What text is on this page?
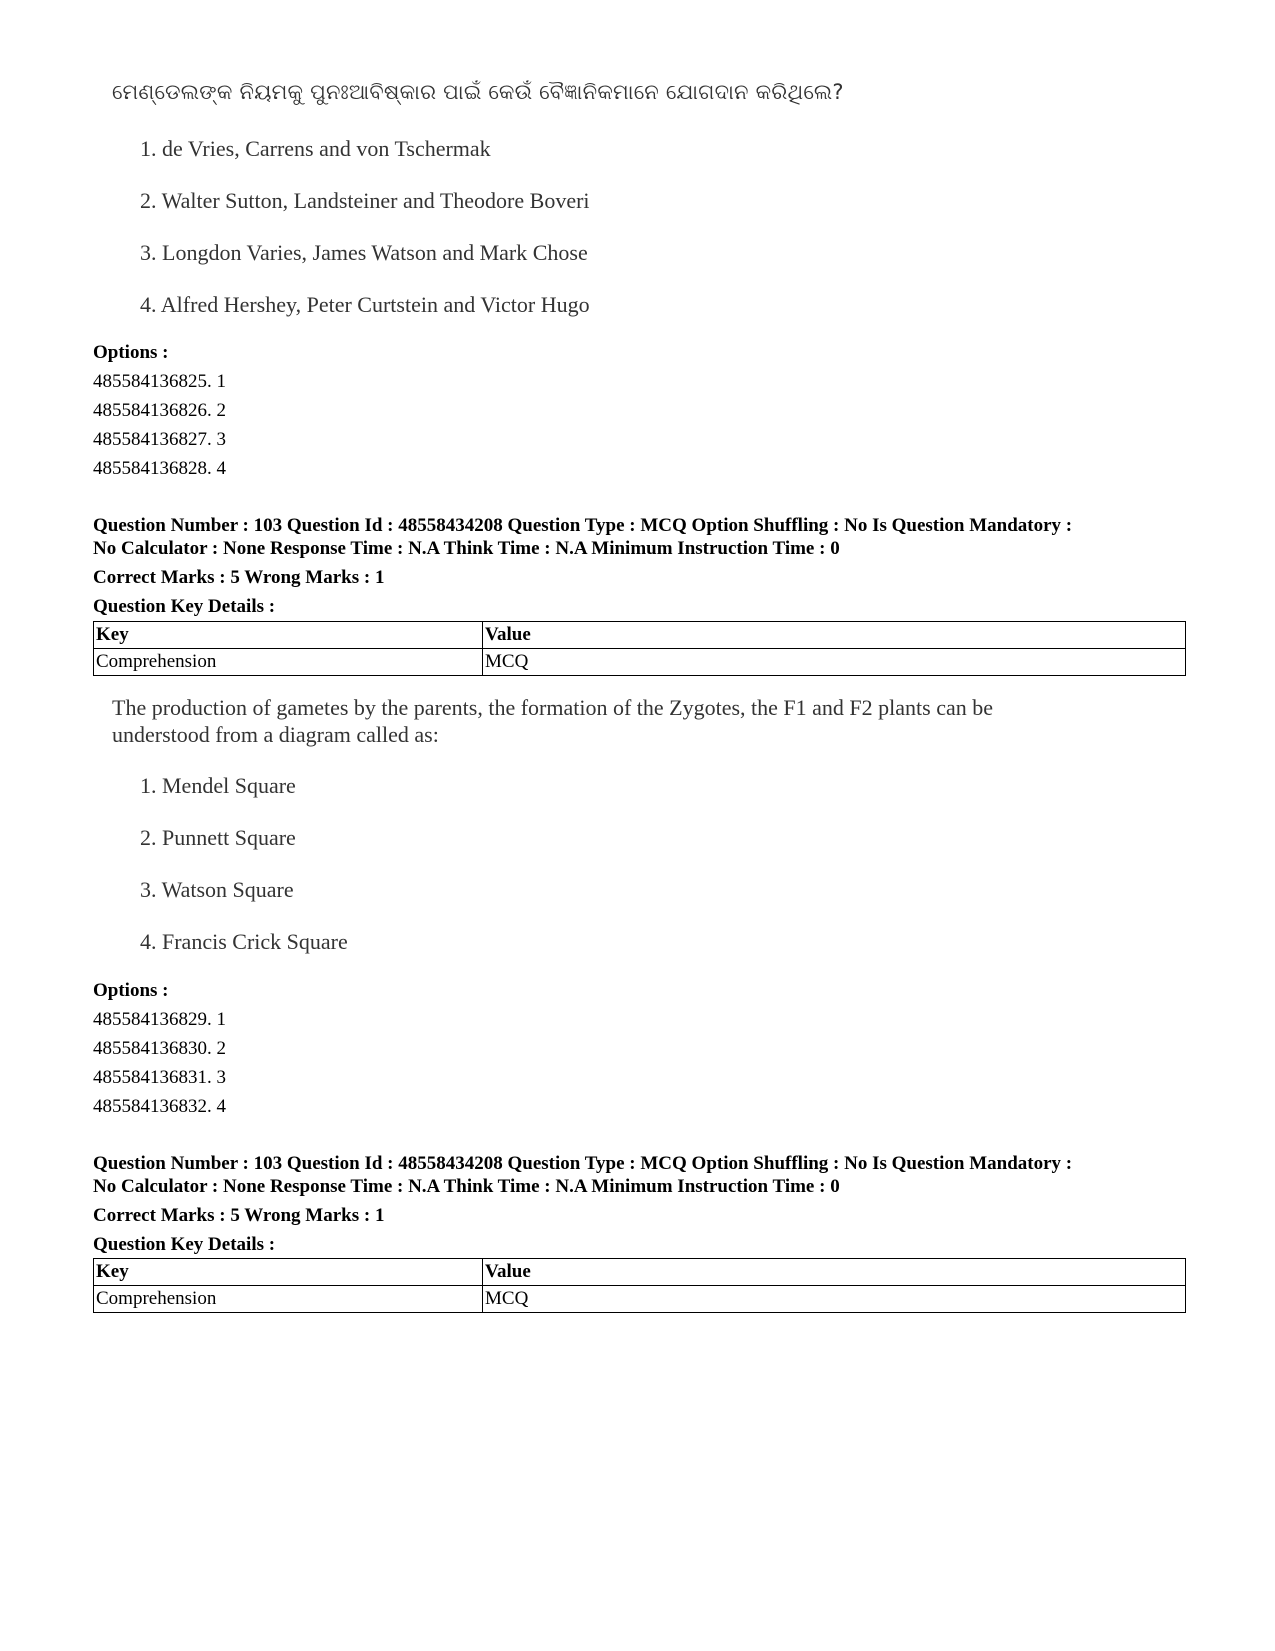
ମେଣ୍ଡେଲଙ୍କ ନିୟମକୁ ପୁନଃଆବିଷ୍କାର ପାଇଁ କେଉଁ ବୈଜ୍ଞାନିକମାନେ ଯୋଗଦାନ କରିଥିଲେ?

1. de Vries, Carrens and von Tschermak
2. Walter Sutton, Landsteiner and Theodore Boveri
3. Longdon Varies, James Watson and Mark Chose
4. Alfred Hershey, Peter Curtstein and Victor Hugo
Options :
485584136825. 1
485584136826. 2
485584136827. 3
485584136828. 4
Question Number : 103 Question Id : 48558434208 Question Type : MCQ Option Shuffling : No Is Question Mandatory :
No Calculator : None Response Time : N.A Think Time : N.A Minimum Instruction Time : 0
Correct Marks : 5 Wrong Marks : 1
Question Key Details :
Key	Value
Comprehension	MCQ

The production of gametes by the parents, the formation of the Zygotes, the F1 and F2 plants can be

understood from a diagram called as:

1. Mendel Square
2. Punnett Square
3. Watson Square
4. Francis Crick Square
Options :
485584136829. 1
485584136830. 2
485584136831. 3
485584136832. 4
Question Number : 103 Question Id : 48558434208 Question Type : MCQ Option Shuffling : No Is Question Mandatory :
No Calculator : None Response Time : N.A Think Time : N.A Minimum Instruction Time : 0
Correct Marks : 5 Wrong Marks : 1
Question Key Details :
Key	Value
Comprehension	MCQ
